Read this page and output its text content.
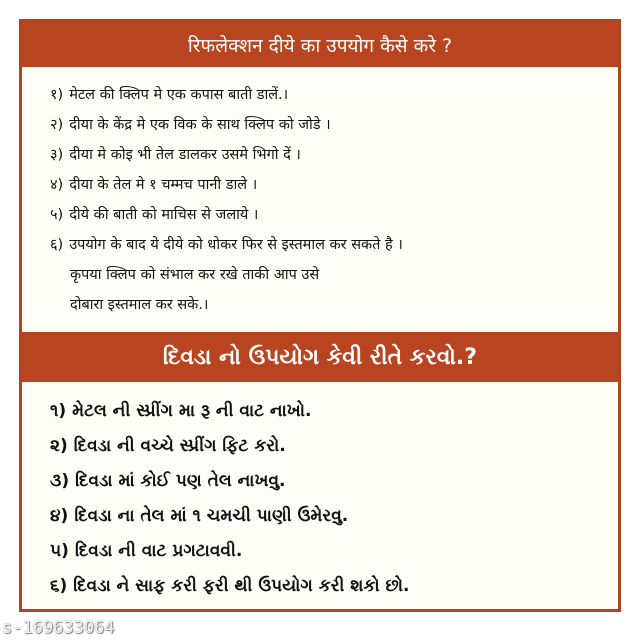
रिफलेक्शन दीये का उपयोग कैसे करे ?
१) मेटल की क्लिप मे एक कपास बाती डालें.।
२) दीया के केंद्र मे एक विक के साथ क्लिप को जोडे ।
३) दीया मे कोइ भी तेल डालकर उसमे भिगो दें ।
४) दीया के तेल मे १ चम्मच पानी डाले ।
५) दीये की बाती को माचिस से जलाये ।
६) उपयोग के बाद ये दीये को धोकर फिर से इस्तमाल कर सकते है ।
कृपया क्लिप को संभाल कर रखे ताकी आप उसे
दोबारा इस्तमाल कर सके.।
દિવડા નો ઉપયોગ કેવી રીતે કરવો.?
૧) મેટલ ની સ્પ્રીંગ મા રૂ ની વાટ નાખો.
૨) દિવડા ની વચ્ચે સ્પ્રીંગ ફિટ કરો.
૩) દિવડા માં કોઈ પણ તેલ નાખવુ.
૪) દિવડા ના તેલ માં ૧ ચમચી પાણી ઉમેરવુ.
૫) દિવડા ની વાટ પ્રગટાવવી.
૬) દિવડા ને સાફ કરી ફરી થી ઉપયોગ કરી શકો છો.
s-169633064
